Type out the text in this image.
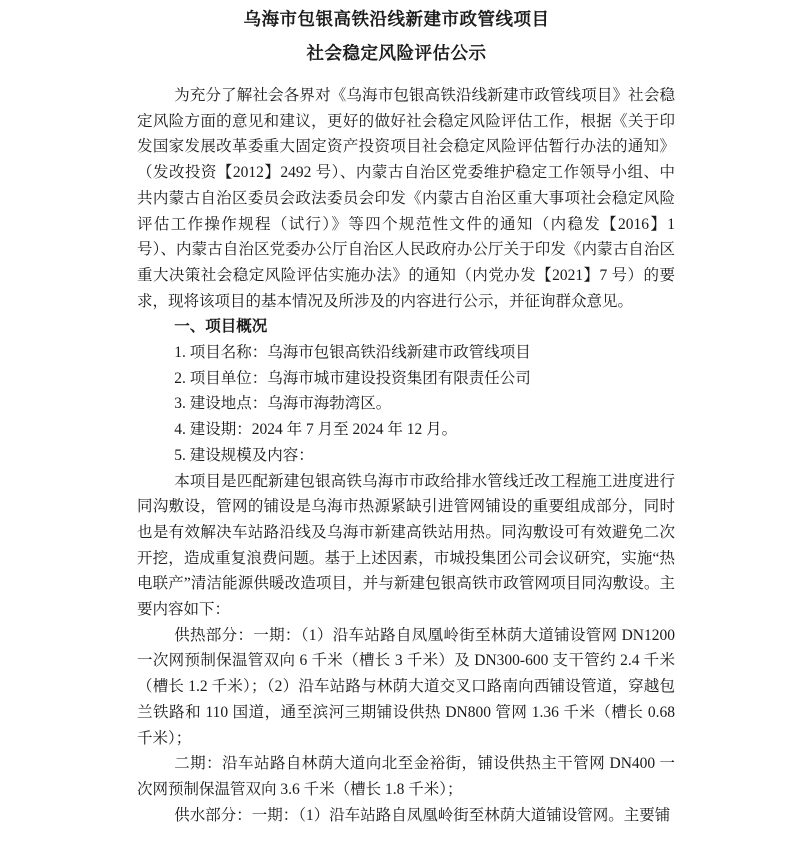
乌海市包银高铁沿线新建市政管线项目
社会稳定风险评估公示

为充分了解社会各界对《乌海市包银高铁沿线新建市政管线项目》社会稳定风险方面的意见和建议，更好的做好社会稳定风险评估工作，根据《关于印发国家发展改革委重大固定资产投资项目社会稳定风险评估暂行办法的通知》（发改投资【2012】2492 号）、内蒙古自治区党委维护稳定工作领导小组、中共内蒙古自治区委员会政法委员会印发《内蒙古自治区重大事项社会稳定风险评估工作操作规程（试行）》等四个规范性文件的通知（内稳发【2016】1 号）、内蒙古自治区党委办公厅自治区人民政府办公厅关于印发《内蒙古自治区重大决策社会稳定风险评估实施办法》的通知（内党办发【2021】7 号）的要求，现将该项目的基本情况及所涉及的内容进行公示，并征询群众意见。

一、项目概况

1. 项目名称：乌海市包银高铁沿线新建市政管线项目

2. 项目单位：乌海市城市建设投资集团有限责任公司

3. 建设地点：乌海市海勃湾区。

4. 建设期：2024 年 7 月至 2024 年 12 月。

5. 建设规模及内容：

本项目是匹配新建包银高铁乌海市市政给排水管线迁改工程施工进度进行同沟敷设，管网的铺设是乌海市热源紧缺引进管网铺设的重要组成部分，同时也是有效解决车站路沿线及乌海市新建高铁站用热。同沟敷设可有效避免二次开挖，造成重复浪费问题。基于上述因素，市城投集团公司会议研究，实施“热电联产”清洁能源供暖改造项目，并与新建包银高铁市政管网项目同沟敷设。主要内容如下：

供热部分：一期：（1）沿车站路自凤凰岭街至林荫大道铺设管网 DN1200 一次网预制保温管双向 6 千米（槽长 3 千米）及 DN300-600 支干管约 2.4 千米（槽长 1.2 千米）；（2）沿车站路与林荫大道交叉口路南向西铺设管道，穿越包兰铁路和 110 国道，通至滨河三期铺设供热 DN800 管网 1.36 千米（槽长 0.68 千米）；

二期：沿车站路自林荫大道向北至金裕街，铺设供热主干管网 DN400 一次网预制保温管双向 3.6 千米（槽长 1.8 千米）；

供水部分：一期：（1）沿车站路自凤凰岭街至林荫大道铺设管网。主要铺
